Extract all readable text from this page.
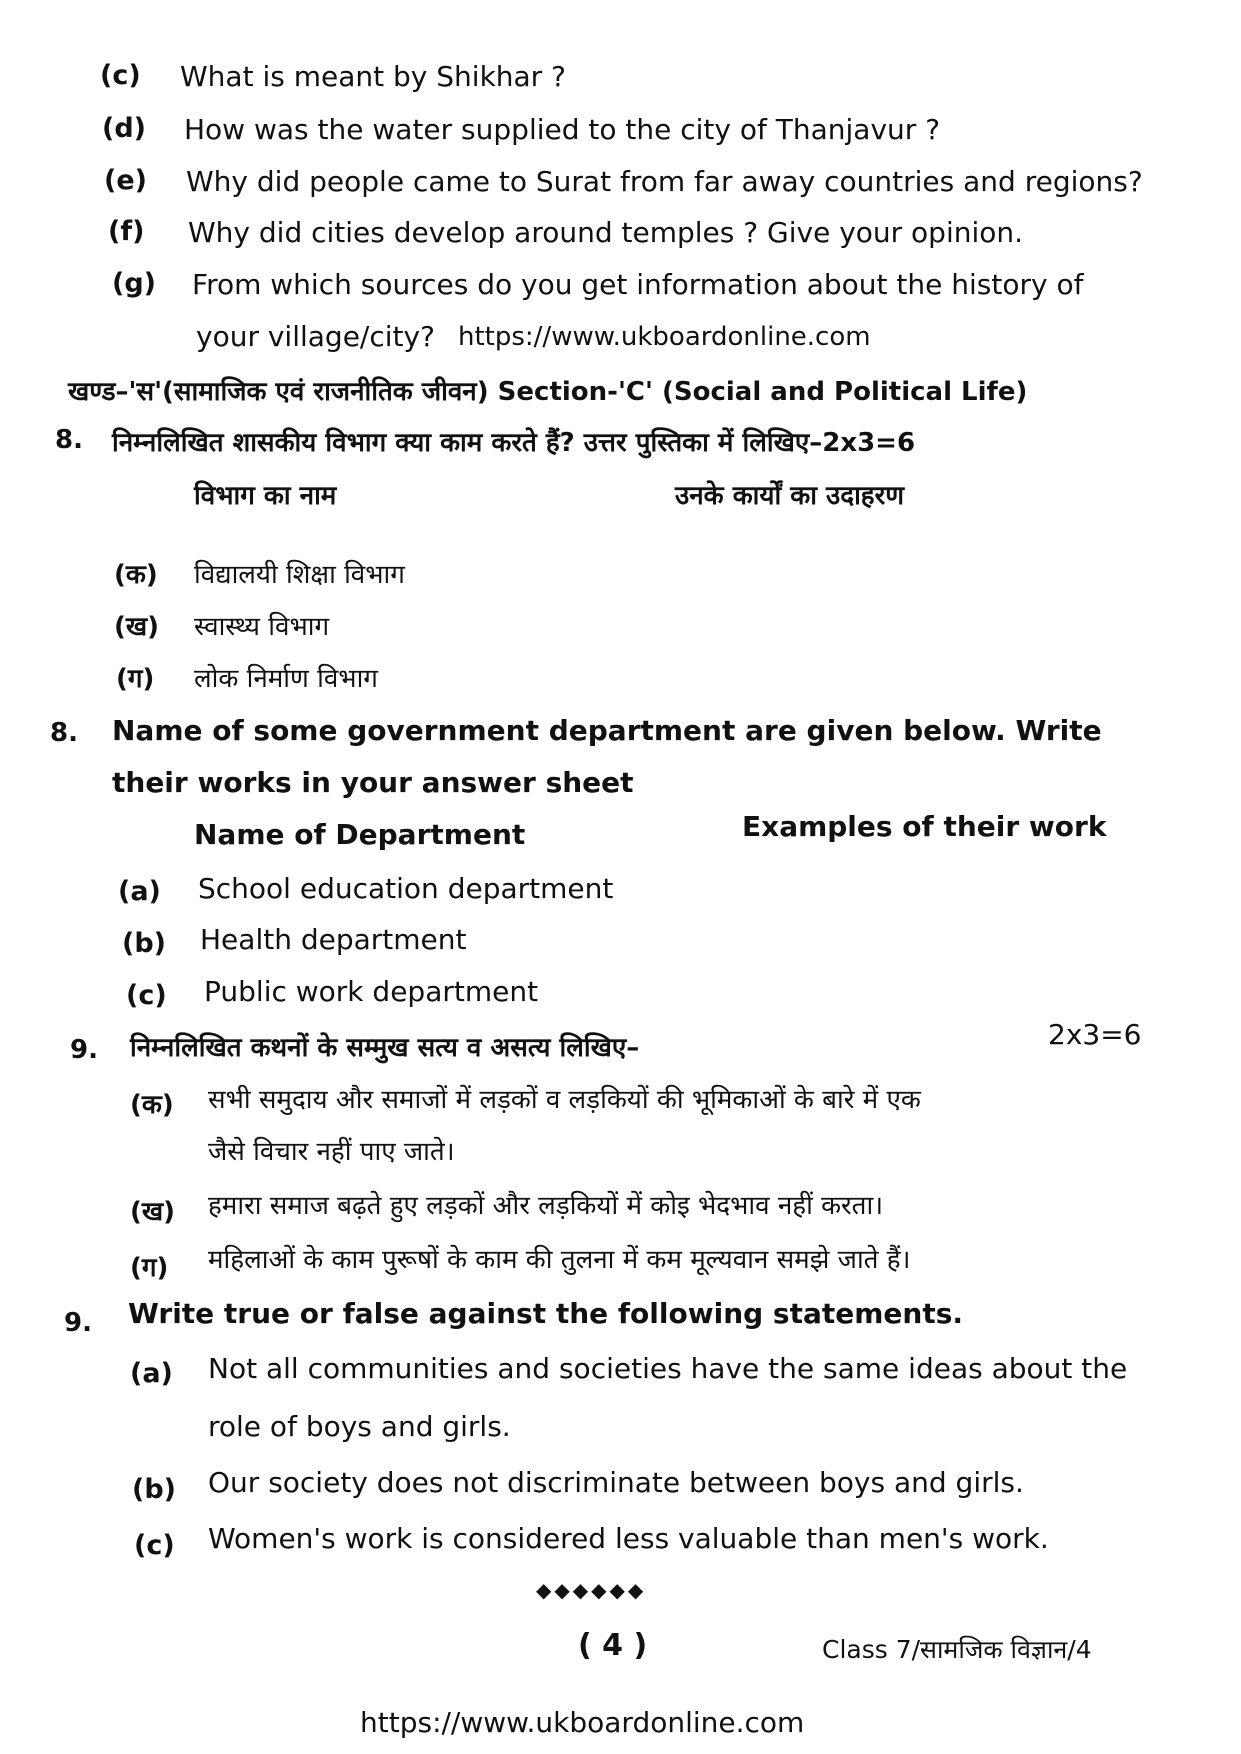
(c) What is meant by Shikhar ?
(d) How was the water supplied to the city of Thanjavur ?
(e) Why did people came to Surat from far away countries and regions?
(f) Why did cities develop around temples ? Give your opinion.
(g) From which sources do you get information about the history of
your village/city? https://www.ukboardonline.com
खण्ड–'स'(सामाजिक एवं राजनीतिक जीवन) Section-'C' (Social and Political Life)
8. निम्नलिखित शासकीय विभाग क्या काम करते हैं? उत्तर पुस्तिका में लिखिए–2x3=6
विभाग का नाम	उनके कार्यों का उदाहरण
(क) विद्यालयी शिक्षा विभाग
(ख) स्वास्थ्य विभाग
(ग) लोक निर्माण विभाग
8. Name of some government department are given below. Write
their works in your answer sheet
Name of Department	Examples of their work
(a) School education department
(b) Health department
(c) Public work department
9. निम्नलिखित कथनों के सम्मुख सत्य व असत्य लिखिए–	2x3=6
(क) सभी समुदाय और समाजों में लड़कों व लड़कियों की भूमिकाओं के बारे में एक
जैसे विचार नहीं पाए जाते।
(ख) हमारा समाज बढ़ते हुए लड़कों और लड़कियों में कोइ भेदभाव नहीं करता।
(ग) महिलाओं के काम पुरूषों के काम की तुलना में कम मूल्यवान समझे जाते हैं।
9. Write true or false against the following statements.
(a) Not all communities and societies have the same ideas about the
role of boys and girls.
(b) Our society does not discriminate between boys and girls.
(c) Women's work is considered less valuable than men's work.
◆◆◆◆◆◆
( 4 )	Class 7/सामजिक विज्ञान/4
https://www.ukboardonline.com
